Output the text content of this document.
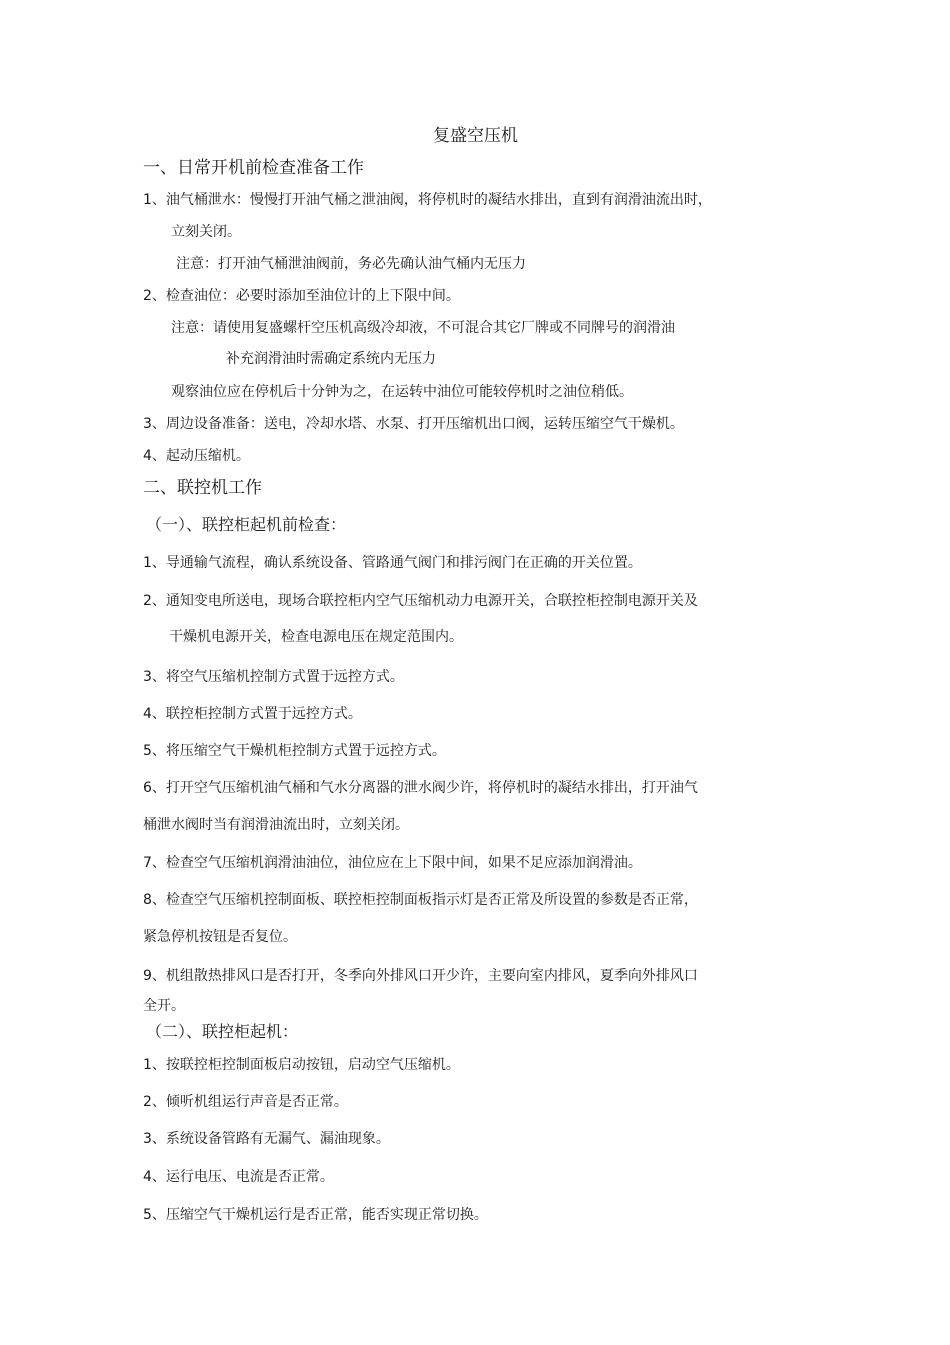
复盛空压机
一、日常开机前检查准备工作
1、油气桶泄水：慢慢打开油气桶之泄油阀，将停机时的凝结水排出，直到有润滑油流出时，
立刻关闭。
注意：打开油气桶泄油阀前，务必先确认油气桶内无压力
2、检查油位：必要时添加至油位计的上下限中间。
注意：请使用复盛螺杆空压机高级冷却液，不可混合其它厂牌或不同牌号的润滑油
补充润滑油时需确定系统内无压力
观察油位应在停机后十分钟为之，在运转中油位可能较停机时之油位稍低。
3、周边设备准备：送电，冷却水塔、水泵、打开压缩机出口阀，运转压缩空气干燥机。
4、起动压缩机。
二、联控机工作
（一）、联控柜起机前检查：
1、导通输气流程，确认系统设备、管路通气阀门和排污阀门在正确的开关位置。
2、通知变电所送电，现场合联控柜内空气压缩机动力电源开关，合联控柜控制电源开关及
干燥机电源开关，检查电源电压在规定范围内。
3、将空气压缩机控制方式置于远控方式。
4、联控柜控制方式置于远控方式。
5、将压缩空气干燥机柜控制方式置于远控方式。
6、打开空气压缩机油气桶和气水分离器的泄水阀少许，将停机时的凝结水排出，打开油气
桶泄水阀时当有润滑油流出时，立刻关闭。
7、检查空气压缩机润滑油油位，油位应在上下限中间，如果不足应添加润滑油。
8、检查空气压缩机控制面板、联控柜控制面板指示灯是否正常及所设置的参数是否正常，
紧急停机按钮是否复位。
9、机组散热排风口是否打开，冬季向外排风口开少许，主要向室内排风，夏季向外排风口
全开。
（二）、联控柜起机：
1、按联控柜控制面板启动按钮，启动空气压缩机。
2、倾听机组运行声音是否正常。
3、系统设备管路有无漏气、漏油现象。
4、运行电压、电流是否正常。
5、压缩空气干燥机运行是否正常，能否实现正常切换。
